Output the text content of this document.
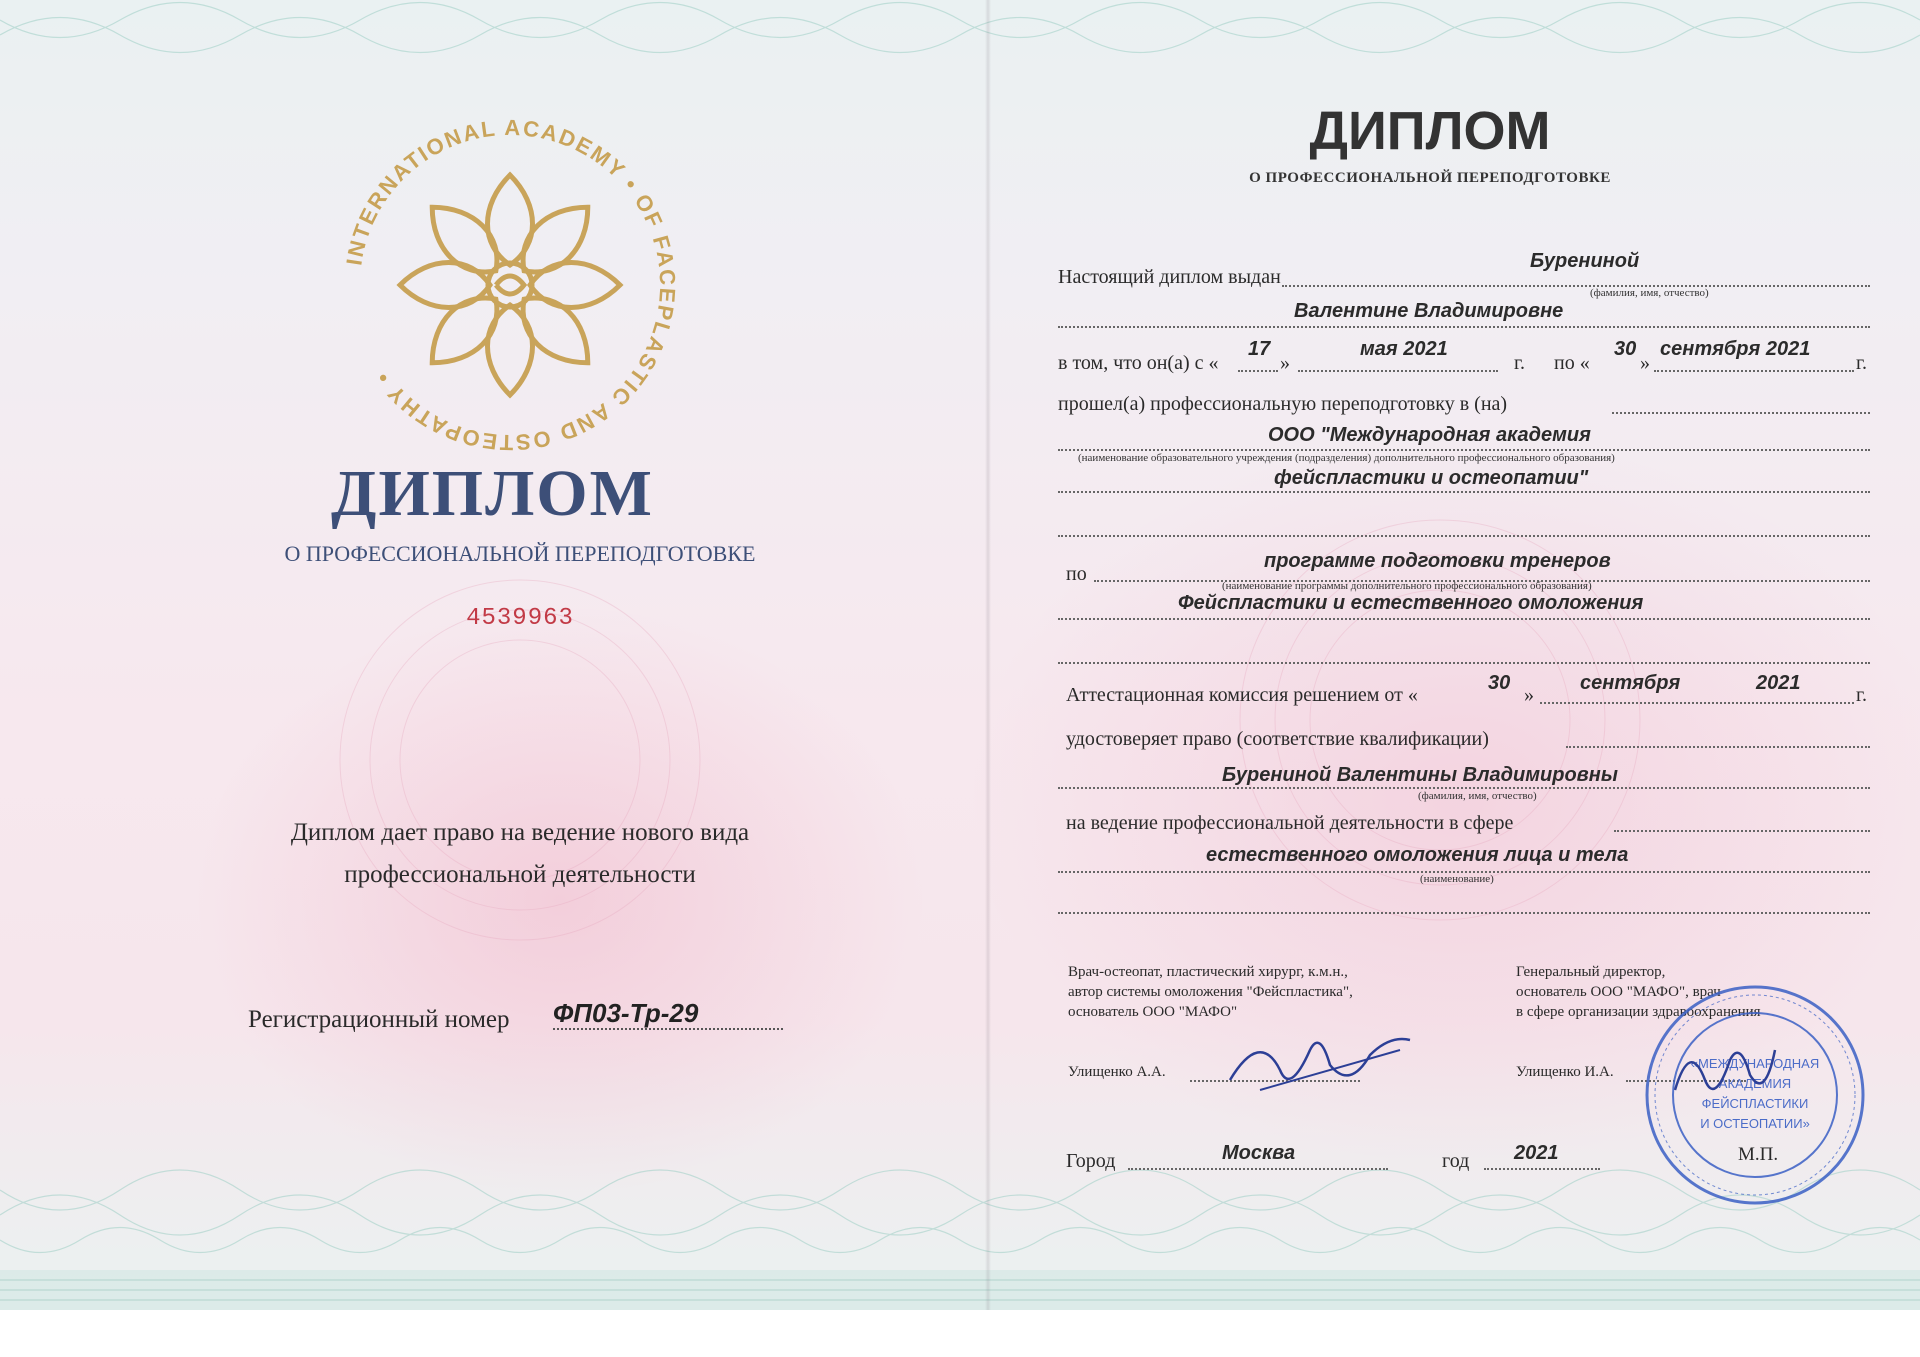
INTERNATIONAL ACADEMY • OF FACEPLASTIC AND OSTEOPATHY •
ДИПЛОМ
О ПРОФЕССИОНАЛЬНОЙ ПЕРЕПОДГОТОВКЕ
4539963
Диплом дает право на ведение нового вида
профессиональной деятельности
Регистрационный номер ФП03-Тр-29
ДИПЛОМ
О ПРОФЕССИОНАЛЬНОЙ ПЕРЕПОДГОТОВКЕ
Настоящий диплом выдан
Бурениной
(фамилия, имя, отчество)
Валентине Владимировне
в том, что он(а) с «
17
»
мая 2021
г. по «
30
»
сентября 2021
г.
прошел(а) профессиональную переподготовку в (на)
ООО "Международная академия
(наименование образовательного учреждения (подразделения) дополнительного профессионального образования)
фейспластики и остеопатии"
по
программе подготовки тренеров
(наименование программы дополнительного профессионального образования)
Фейспластики и естественного омоложения
Аттестационная комиссия решением от «
30
»
сентября	2021
г.
удостоверяет право (соответствие квалификации)
Бурениной Валентины Владимировны
(фамилия, имя, отчество)
на ведение профессиональной деятельности в сфере
естественного омоложения лица и тела
(наименование)
Врач-остеопат, пластический хирург, к.м.н.,
автор системы омоложения "Фейспластика",
основатель ООО "МАФО"
Улищенко А.А.
Генеральный директор,
основатель ООО "МАФО", врач
в сфере организации здравоохранения
Улищенко И.А.
«МЕЖДУНАРОДНАЯ
АКАДЕМИЯ
ФЕЙСПЛАСТИКИ
И ОСТЕОПАТИИ»
Город	Москва	год 2021	М.П.
